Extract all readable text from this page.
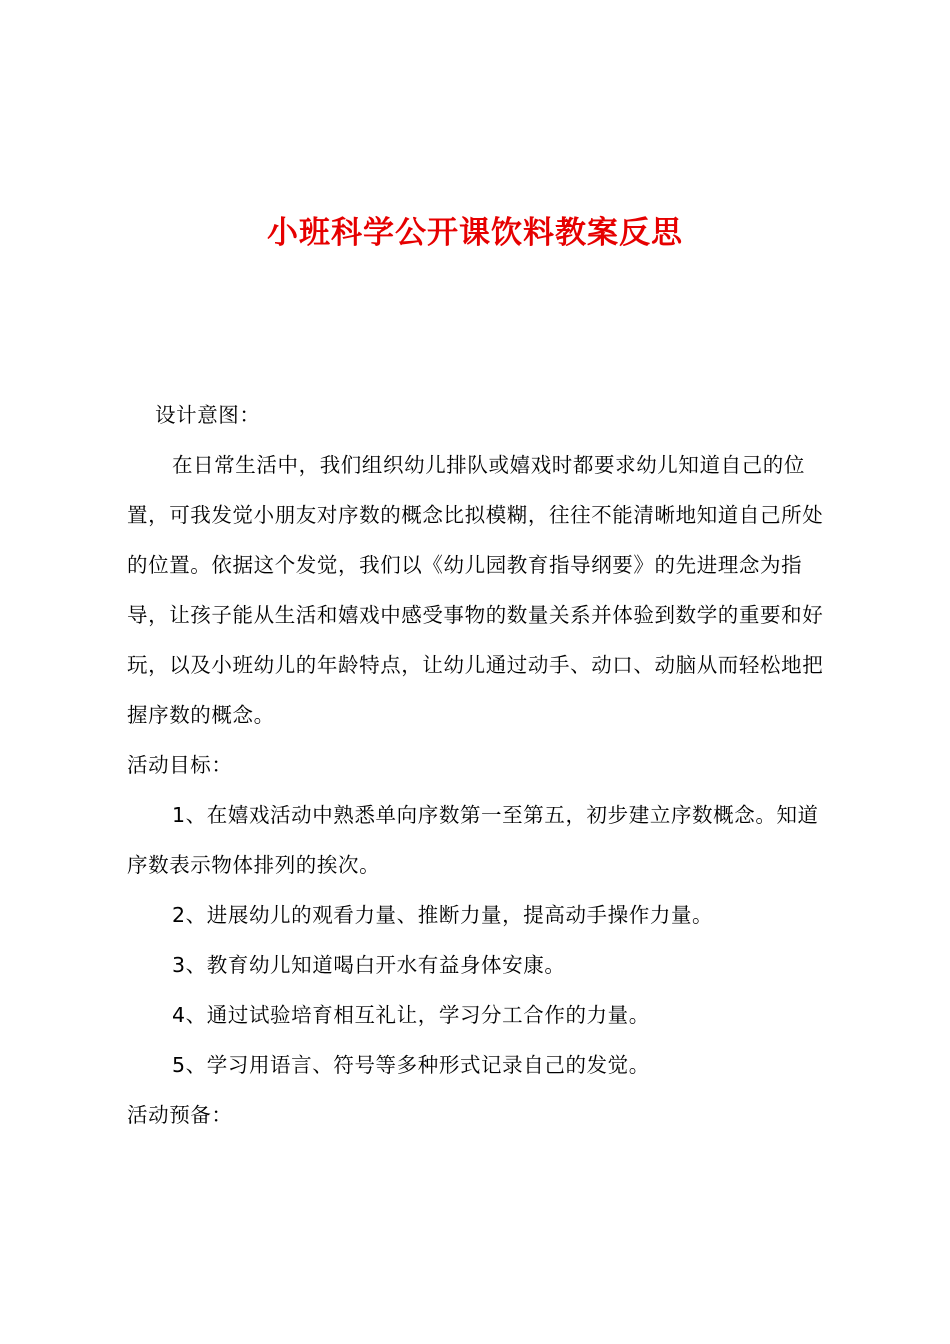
小班科学公开课饮料教案反思

设计意图：

在日常生活中，我们组织幼儿排队或嬉戏时都要求幼儿知道自己的位置，可我发觉小朋友对序数的概念比拟模糊，往往不能清晰地知道自己所处的位置。依据这个发觉，我们以《幼儿园教育指导纲要》的先进理念为指导，让孩子能从生活和嬉戏中感受事物的数量关系并体验到数学的重要和好玩，以及小班幼儿的年龄特点，让幼儿通过动手、动口、动脑从而轻松地把握序数的概念。

活动目标：

1、在嬉戏活动中熟悉单向序数第一至第五，初步建立序数概念。知道序数表示物体排列的挨次。

2、进展幼儿的观看力量、推断力量，提高动手操作力量。

3、教育幼儿知道喝白开水有益身体安康。

4、通过试验培育相互礼让，学习分工合作的力量。

5、学习用语言、符号等多种形式记录自己的发觉。

活动预备：
